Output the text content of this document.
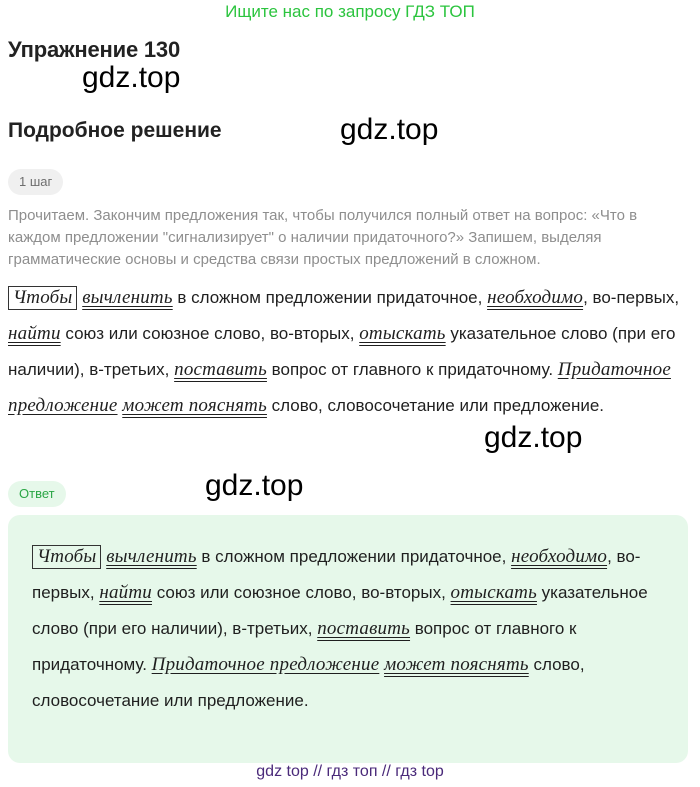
Ищите нас по запросу ГДЗ ТОП
Упражнение 130
gdz.top
Подробное решение	gdz.top
1 шаг
Прочитаем. Закончим предложения так, чтобы получился полный ответ на вопрос: «Что в каждом предложении "сигнализирует" о наличии придаточного?» Запишем, выделяя грамматические основы и средства связи простых предложений в сложном.
Чтобы вычленить в сложном предложении придаточное, необходимо, во-первых, найти союз или союзное слово, во-вторых, отыскать указательное слово (при его наличии), в-третьих, поставить вопрос от главного к придаточному. Придаточное предложение может пояснять слово, словосочетание или предложение.
gdz.top
Ответ	gdz.top
Чтобы вычленить в сложном предложении придаточное, необходимо, во-первых, найти союз или союзное слово, во-вторых, отыскать указательное слово (при его наличии), в-третьих, поставить вопрос от главного к придаточному. Придаточное предложение может пояснять слово, словосочетание или предложение.
gdz top // гдз топ // гдз top
